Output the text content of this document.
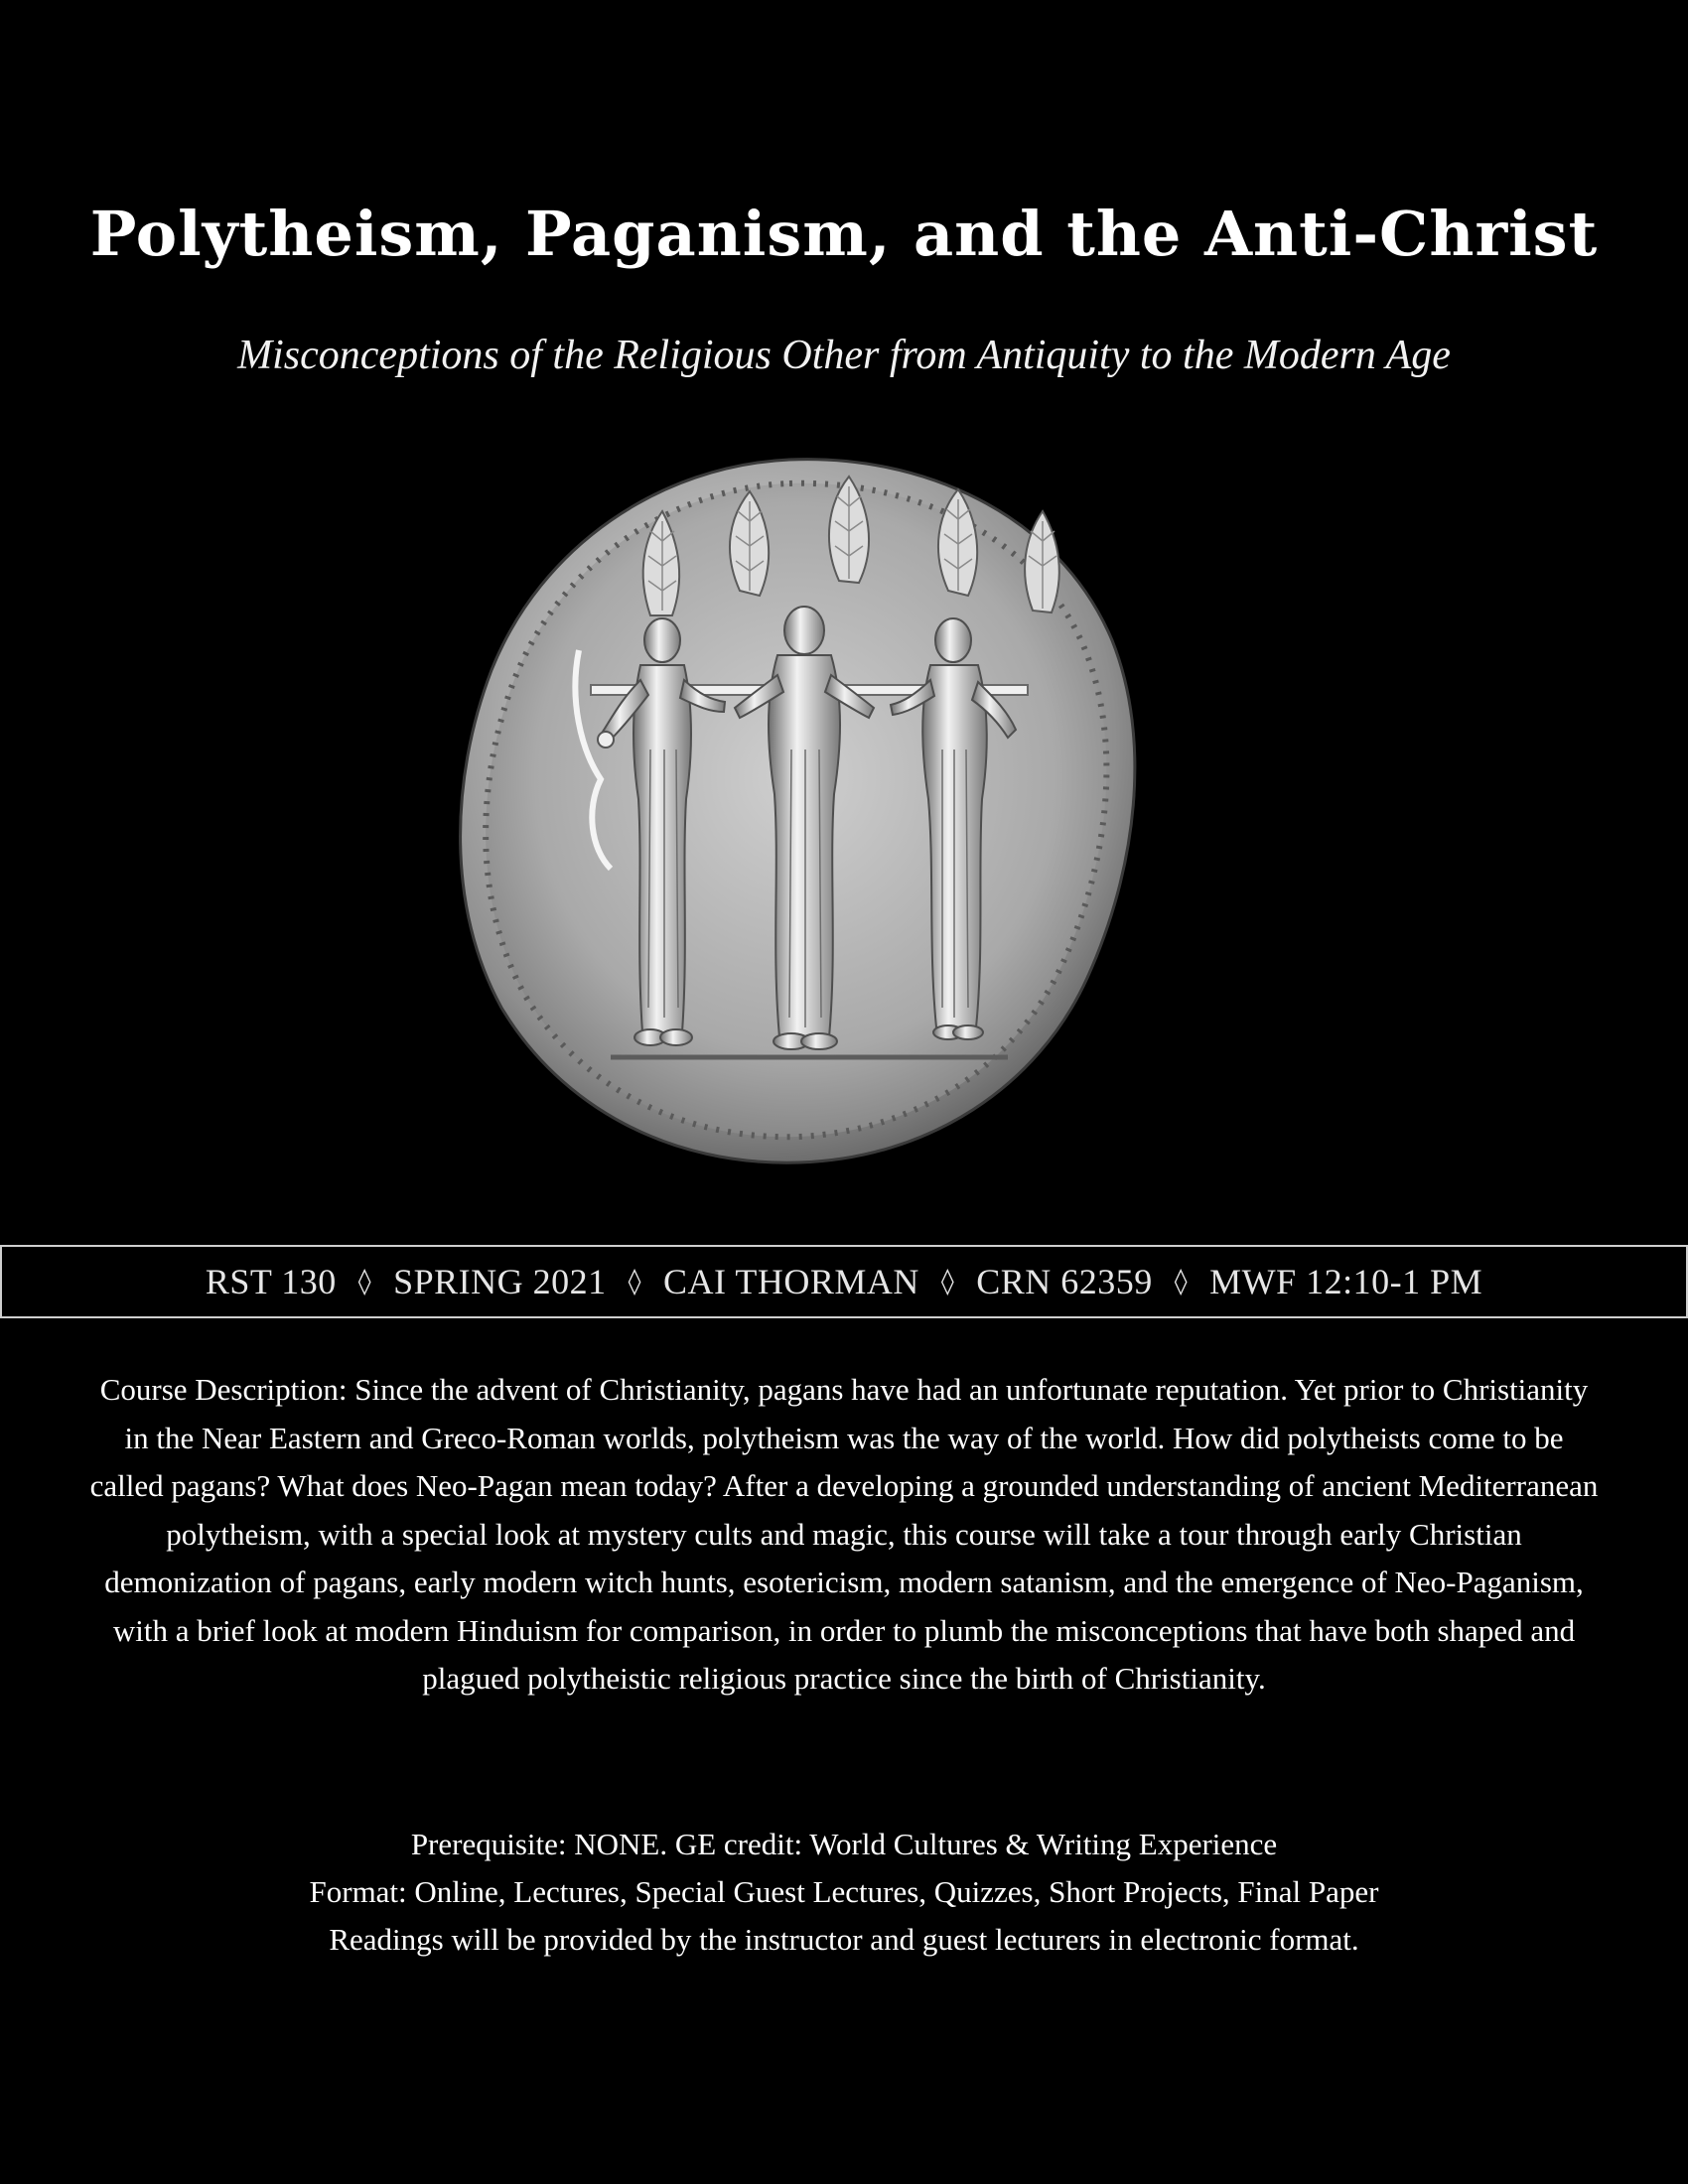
Polytheism, Paganism, and the Anti-Christ
Misconceptions of the Religious Other from Antiquity to the Modern Age
RST 130 ◊ SPRING 2021 ◊ CAI THORMAN ◊ CRN 62359 ◊ MWF 12:10-1 PM
Course Description: Since the advent of Christianity, pagans have had an unfortunate reputation. Yet prior to Christianity in the Near Eastern and Greco-Roman worlds, polytheism was the way of the world. How did polytheists come to be called pagans? What does Neo-Pagan mean today? After a developing a grounded understanding of ancient Mediterranean polytheism, with a special look at mystery cults and magic, this course will take a tour through early Christian demonization of pagans, early modern witch hunts, esotericism, modern satanism, and the emergence of Neo-Paganism, with a brief look at modern Hinduism for comparison, in order to plumb the misconceptions that have both shaped and plagued polytheistic religious practice since the birth of Christianity.
Prerequisite: NONE. GE credit: World Cultures & Writing Experience
Format: Online, Lectures, Special Guest Lectures, Quizzes, Short Projects, Final Paper
Readings will be provided by the instructor and guest lecturers in electronic format.
